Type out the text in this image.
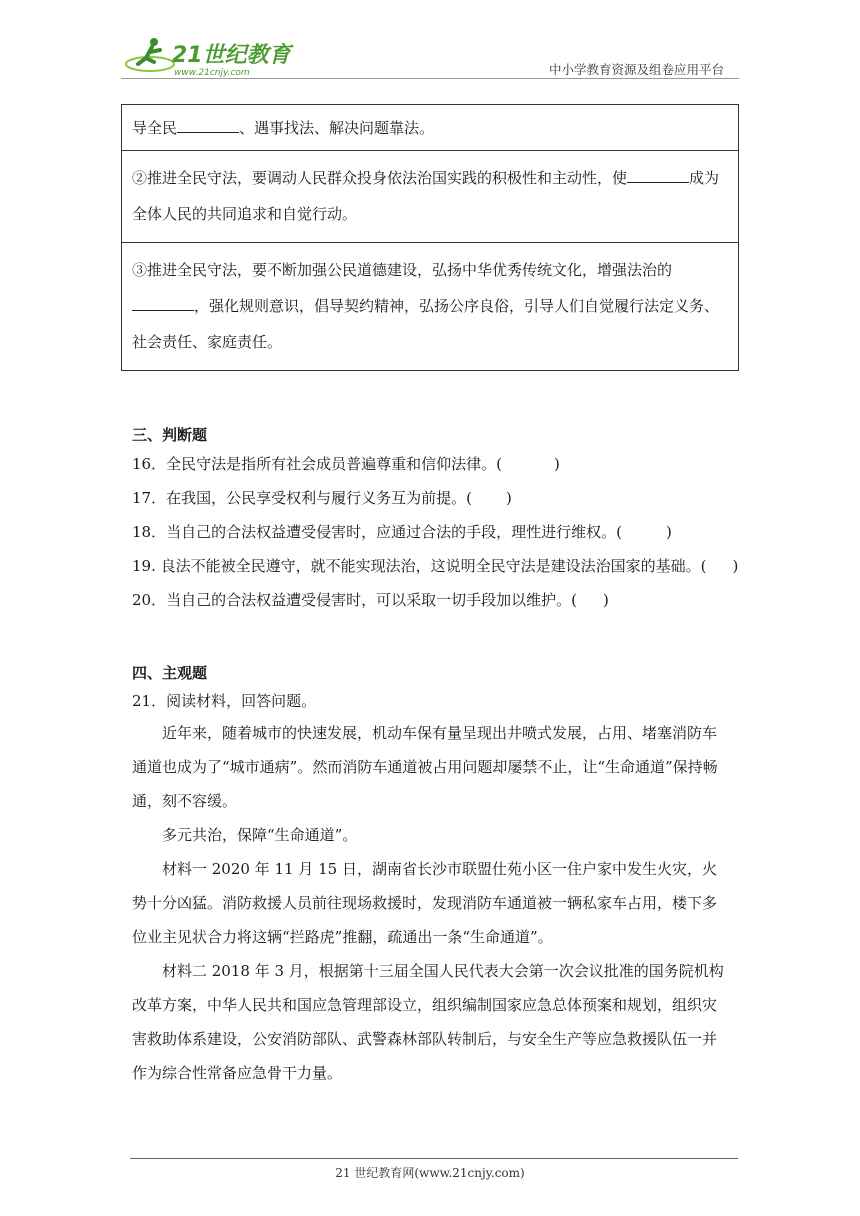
21世纪教育
www.21cnjy.com	中小学教育资源及组卷应用平台
导全民	、遇事找法、解决问题靠法。
②推进全民守法，要调动人民群众投身依法治国实践的积极性和主动性，使	成为全体人民的共同追求和自觉行动。
③推进全民守法，要不断加强公民道德建设，弘扬中华优秀传统文化，增强法治的，强化规则意识，倡导契约精神，弘扬公序良俗，引导人们自觉履行法定义务、社会责任、家庭责任。
三、判断题
16．全民守法是指所有社会成员普遍尊重和信仰法律。(	)
17．在我国，公民享受权利与履行义务互为前提。( )
18．当自己的合法权益遭受侵害时，应通过合法的手段，理性进行维权。(	)
19. 良法不能被全民遵守，就不能实现法治，这说明全民守法是建设法治国家的基础。( )
20．当自己的合法权益遭受侵害时，可以采取一切手段加以维护。( )
四、主观题
21．阅读材料，回答问题。
近年来，随着城市的快速发展，机动车保有量呈现出井喷式发展，占用、堵塞消防车通道也成为了“城市通病”。然而消防车通道被占用问题却屡禁不止，让“生命通道”保持畅通，刻不容缓。
多元共治，保障“生命通道”。
材料一 2020 年 11 月 15 日，湖南省长沙市联盟仕苑小区一住户家中发生火灾，火势十分凶猛。消防救援人员前往现场救援时，发现消防车通道被一辆私家车占用，楼下多位业主见状合力将这辆“拦路虎”推翻，疏通出一条“生命通道”。
材料二 2018 年 3 月，根据第十三届全国人民代表大会第一次会议批准的国务院机构改革方案，中华人民共和国应急管理部设立，组织编制国家应急总体预案和规划，组织灾害救助体系建设，公安消防部队、武警森林部队转制后，与安全生产等应急救援队伍一并作为综合性常备应急骨干力量。
21 世纪教育网(www.21cnjy.com)
